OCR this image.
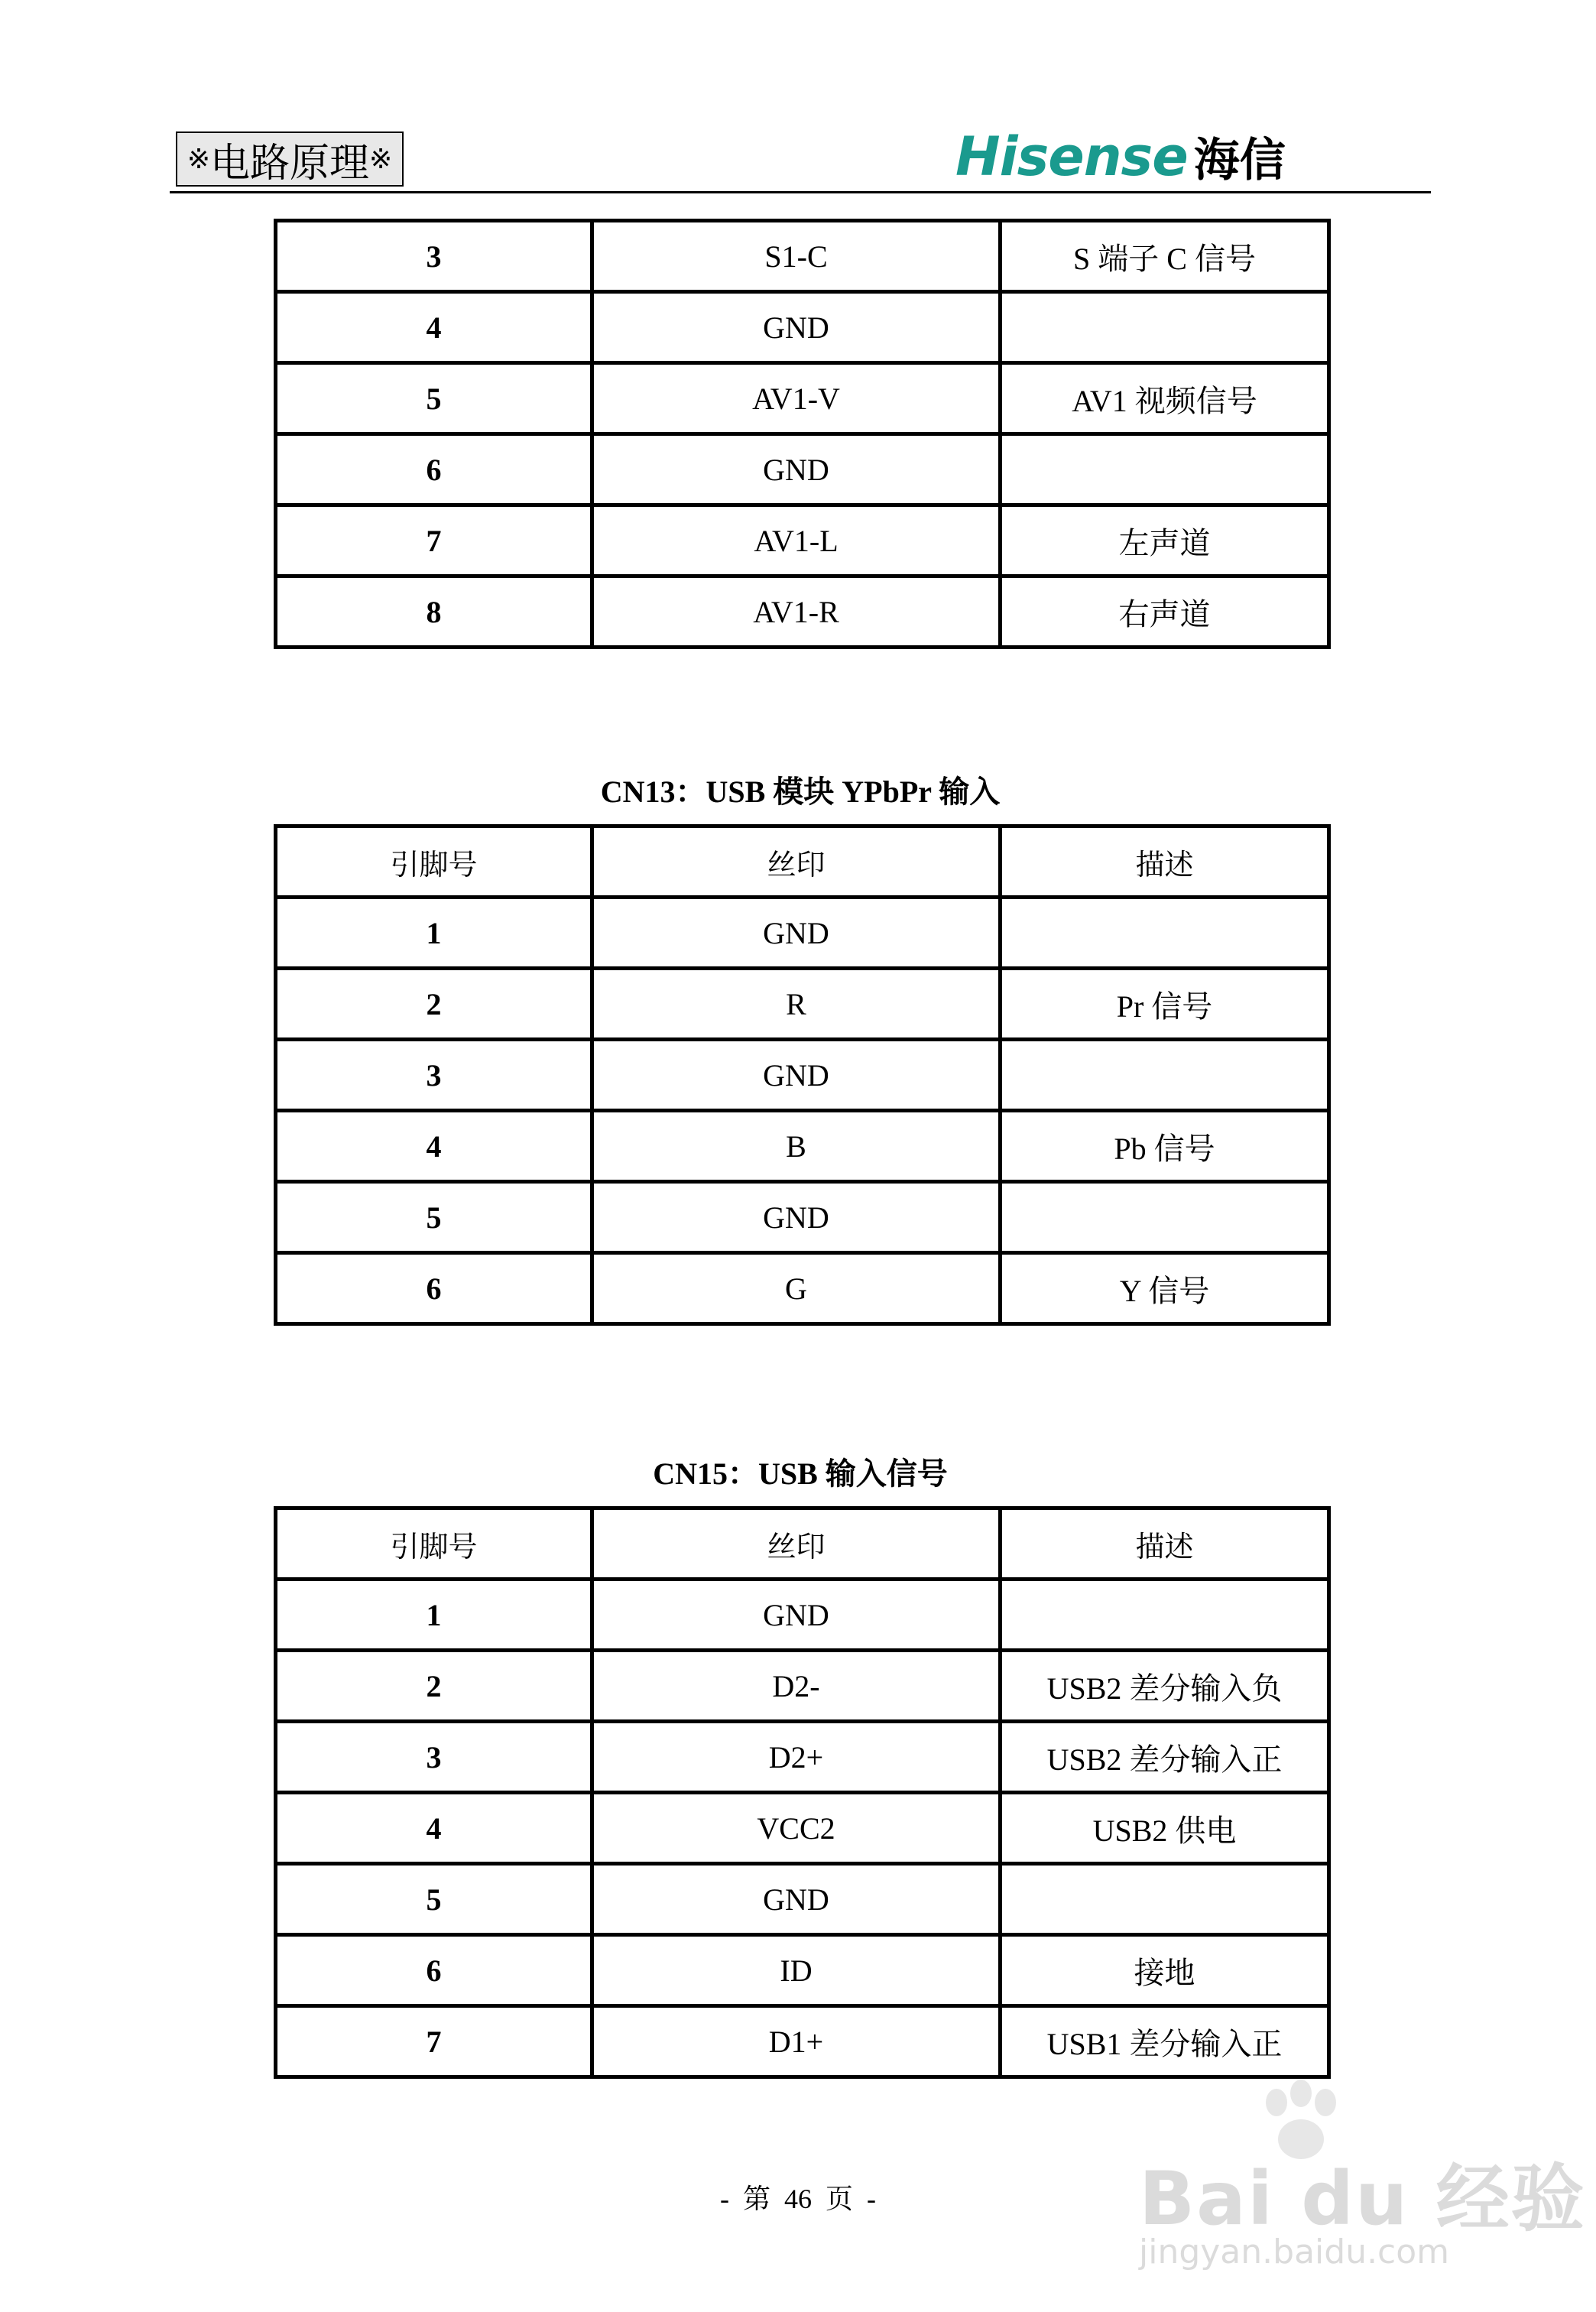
※ 电路原理 ※	Hisense 海信
3	S1-C	S 端子 C 信号
4	GND	
5	AV1-V	AV1 视频信号
6	GND	
7	AV1-L	左声道
8	AV1-R	右声道
CN13：USB 模块 YPbPr 输入
引脚号	丝印	描述
1	GND	
2	R	Pr 信号
3	GND	
4	B	Pb 信号
5	GND	
6	G	Y 信号
CN15：USB 输入信号
引脚号	丝印	描述
1	GND	
2	D2-	USB2 差分输入负
3	D2+	USB2 差分输入正
4	VCC2	USB2 供电
5	GND	
6	ID	接地
7	D1+	USB1 差分输入正
-  第  46  页  -	Bai du 经验
jingyan.baidu.com
